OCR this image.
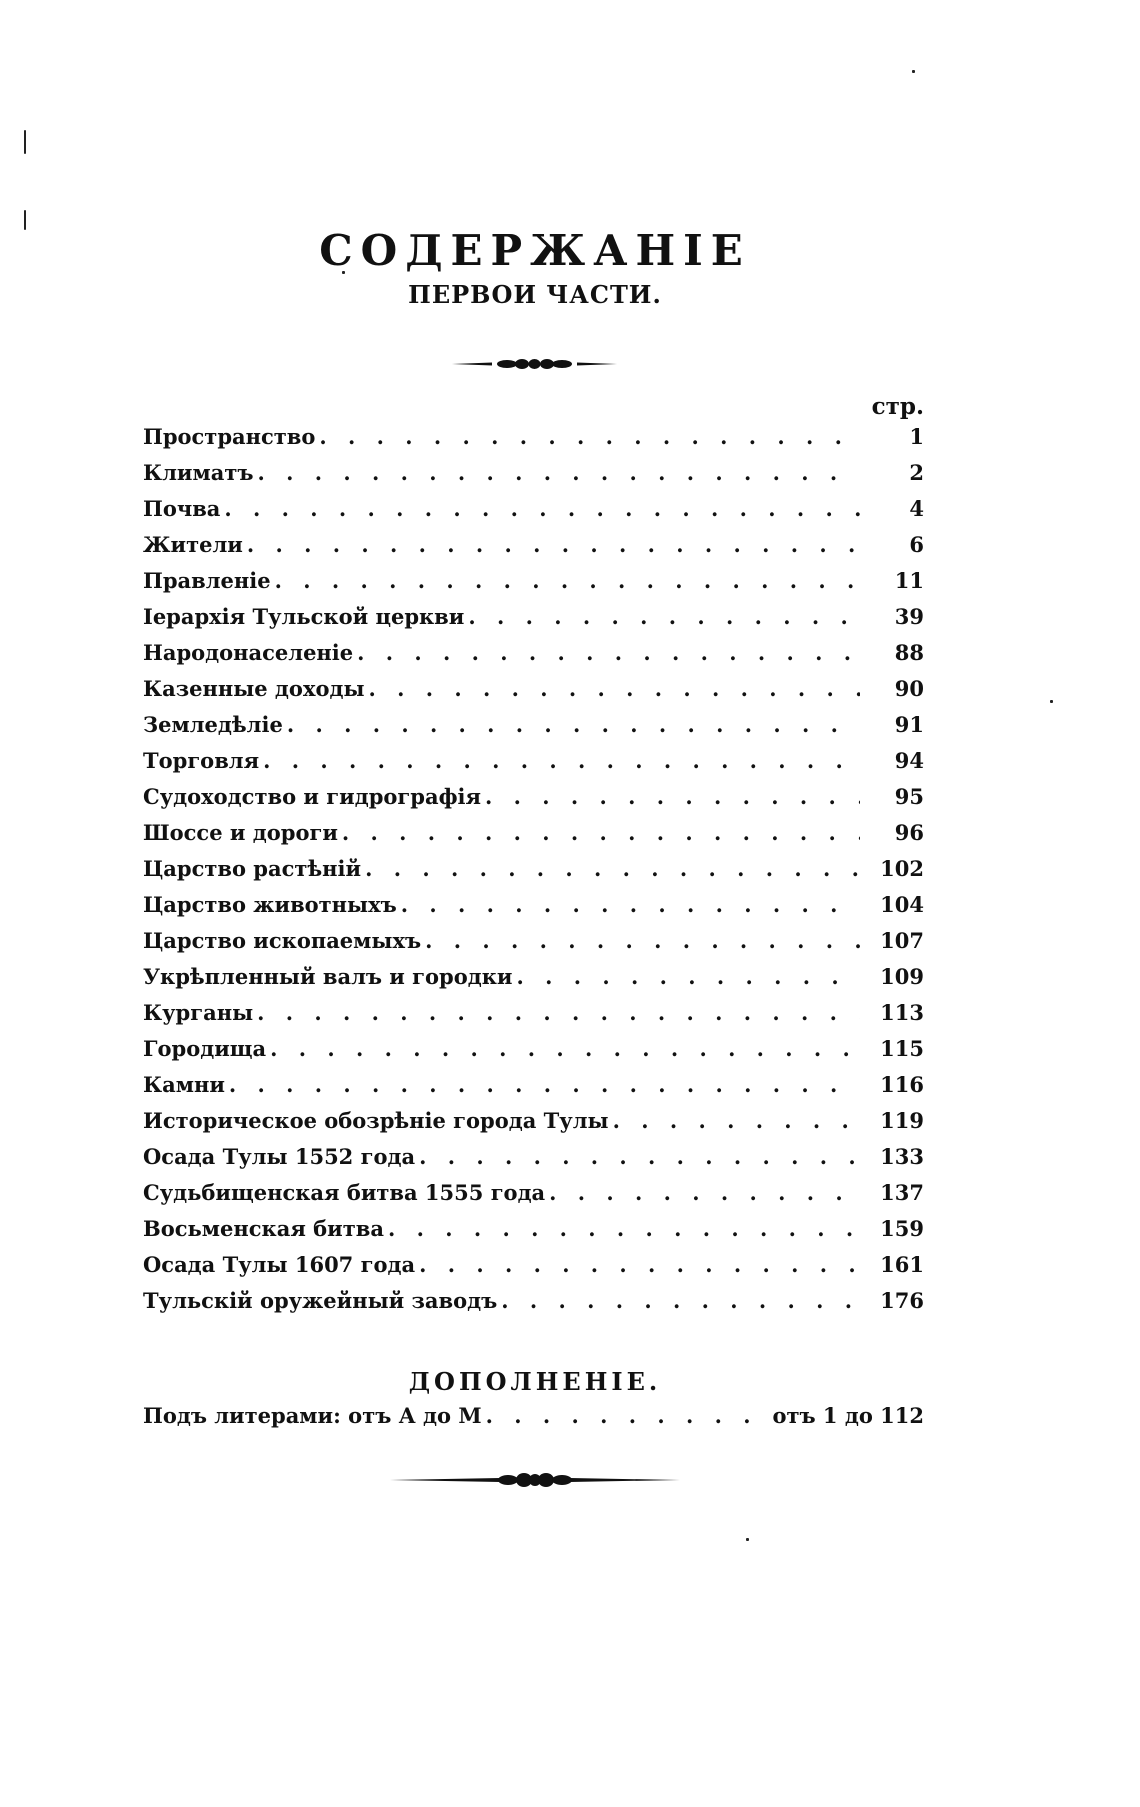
СОДЕРЖАНІЕ
ПЕРВОИ ЧАСТИ.
стр.
Пространство . . .	1
Климатъ . . .	2
Почва . . .	4
Жители . . .	6
Правленіе . . .	11
Іерархія Тульской церкви . . .	39
Народонаселеніе . . .	88
Казенные доходы . . .	90
Земледѣліе . . .	91
Торговля . . .	94
Судоходство и гидрографія . . .	95
Шоссе и дороги . . .	96
Царство растѣній . . .	102
Царство животныхъ . . .	104
Царство ископаемыхъ . . .	107
Укрѣпленный валъ и городки . . .	109
Курганы . . .	113
Городища . . .	115
Камни . . .	116
Историческое обозрѣніе города Тулы . . .	119
Осада Тулы 1552 года . . .	133
Судьбищенская битва 1555 года . . .	137
Восьменская битва . . .	159
Осада Тулы 1607 года . . .	161
Тульскій оружейный заводъ . . .	176
ДОПОЛНЕНІЕ.
Подъ литерами: отъ А до М . . .	отъ 1 до 112
